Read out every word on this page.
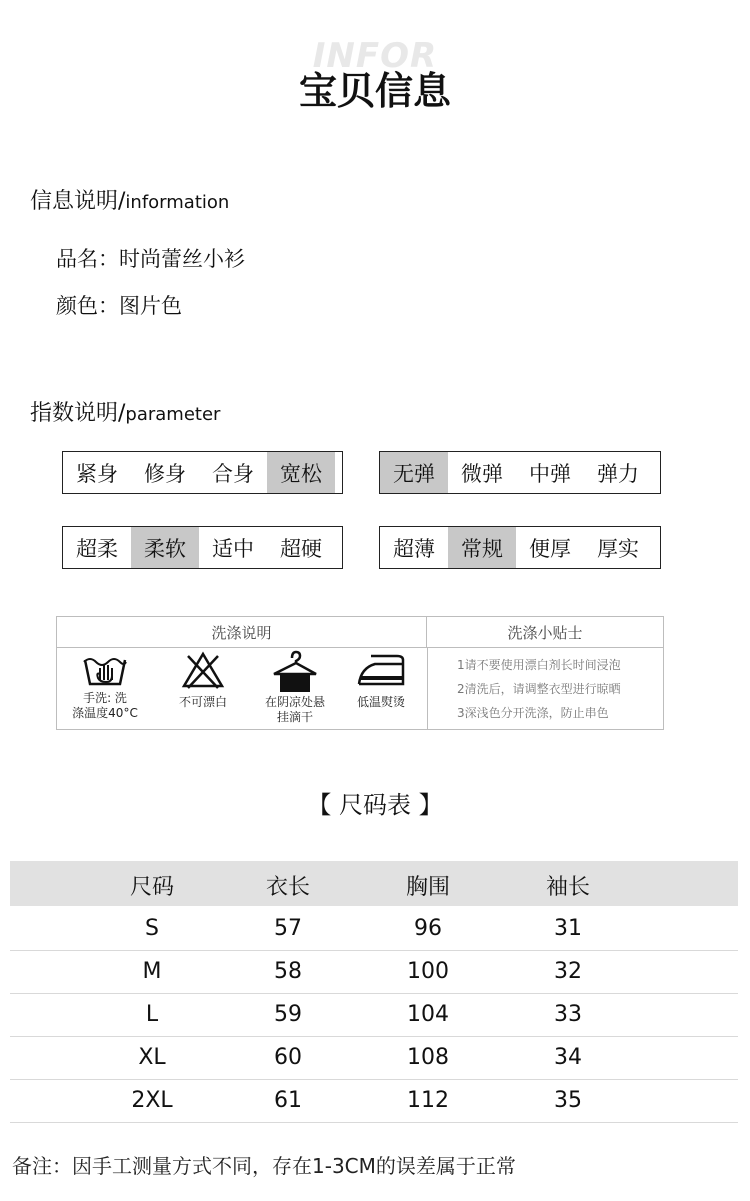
INFOR
宝贝信息
信息说明/information
品名：时尚蕾丝小衫
颜色：图片色
指数说明/parameter
紧身	修身	合身	宽松	无弹	微弹	中弹	弹力
超柔	柔软	适中	超硬	超薄	常规	便厚	厚实
洗涤说明	洗涤小贴士
手洗: 洗
涤温度40°C
不可漂白	在阴凉处悬
挂滴干
低温熨烫
1请不要使用漂白剂长时间浸泡
2清洗后，请调整衣型进行晾晒
3深浅色分开洗涤，防止串色
【 尺码表 】
尺码	衣长	胸围	袖长
S	57	96	31
M	58	100	32
L	59	104	33
XL	60	108	34
2XL	61	112	35
备注：因手工测量方式不同，存在1-3CM的误差属于正常
